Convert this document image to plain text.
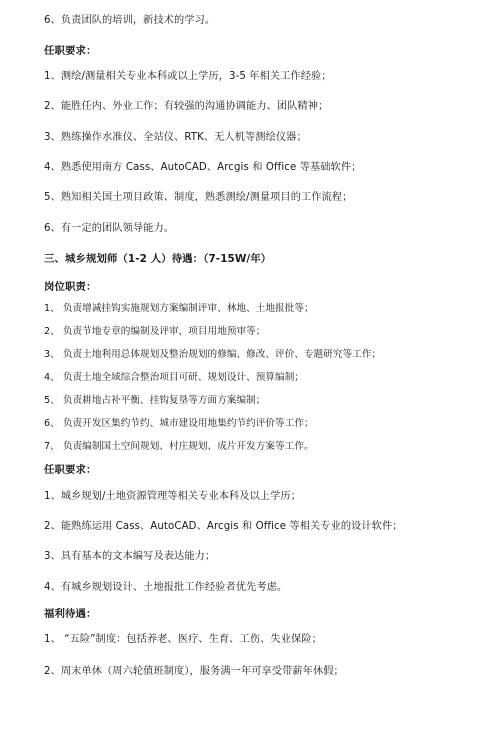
6、负责团队的培训，新技术的学习。
任职要求：
1、测绘/测量相关专业本科或以上学历，3-5 年相关工作经验；
2、能胜任内、外业工作；有较强的沟通协调能力、团队精神；
3、熟练操作水准仪、全站仪、RTK、无人机等测绘仪器；
4、熟悉使用南方 Cass、AutoCAD、Arcgis 和 Office 等基础软件；
5、熟知相关国土项目政策、制度，熟悉测绘/测量项目的工作流程；
6、有一定的团队领导能力。
三、城乡规划师（1-2 人）待遇：（7-15W/年）
岗位职责：
1、 负责增减挂钩实施规划方案编制评审、林地、土地报批等；
2、 负责节地专章的编制及评审，项目用地预审等；
3、 负责土地利用总体规划及整治规划的修编、修改、评价、专题研究等工作；
4、 负责土地全域综合整治项目可研、规划设计、预算编制；
5、 负责耕地占补平衡、挂钩复垦等方面方案编制；
6、 负责开发区集约节约、城市建设用地集约节约评价等工作；
7、 负责编制国土空间规划、村庄规划、成片开发方案等工作。
任职要求：
1、城乡规划/土地资源管理等相关专业本科及以上学历；
2、能熟练运用 Cass、AutoCAD、Arcgis 和 Office 等相关专业的设计软件；
3、具有基本的文本编写及表达能力；
4、有城乡规划设计、土地报批工作经验者优先考虑。
福利待遇：
1、 “五险”制度：包括养老、医疗、生育、工伤、失业保险；
2、周末单休（周六轮值班制度），服务满一年可享受带薪年休假；
